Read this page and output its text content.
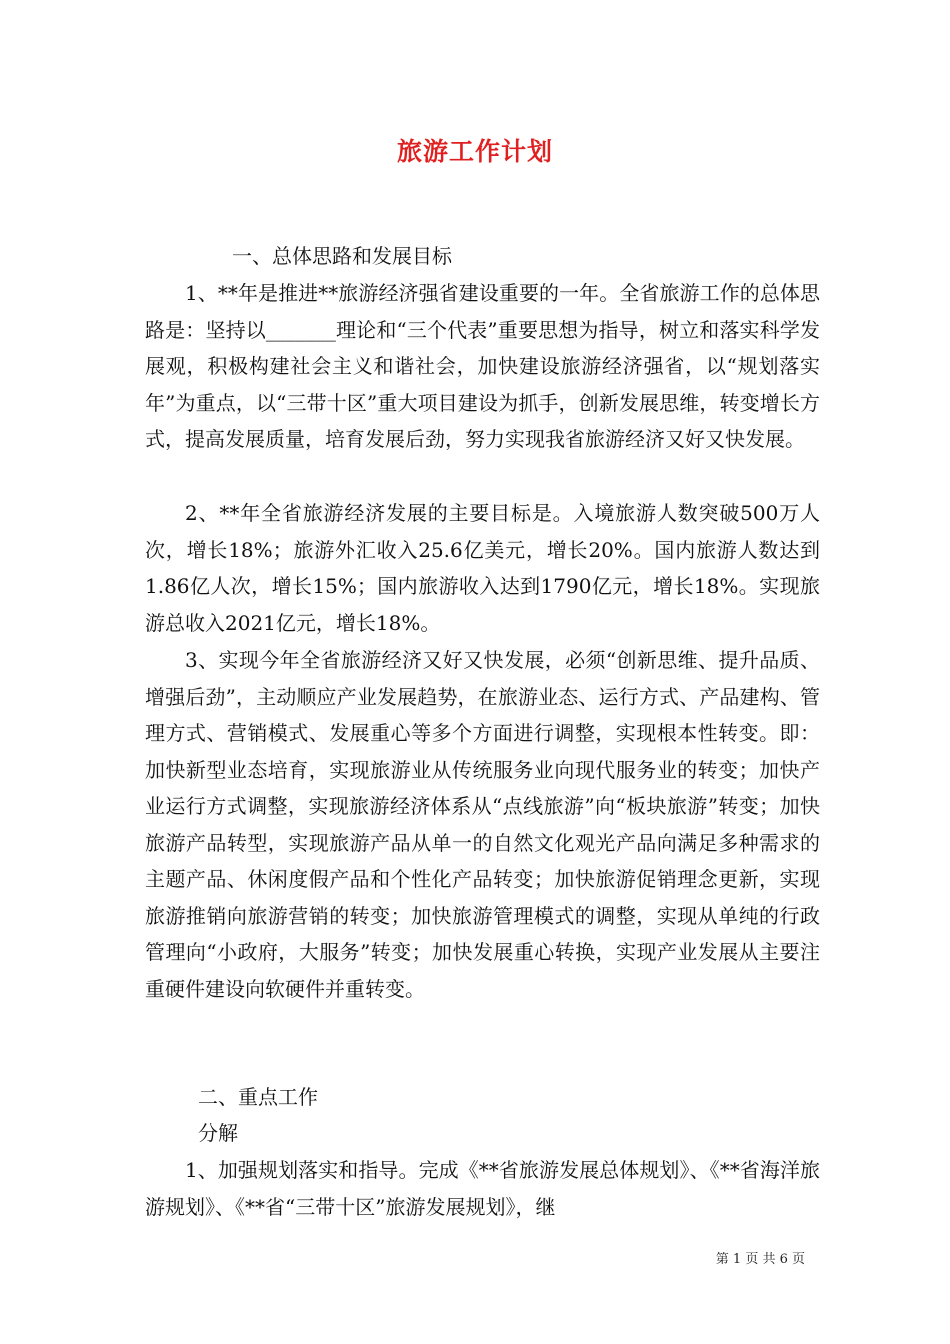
旅游工作计划
一、总体思路和发展目标
1、**年是推进**旅游经济强省建设重要的一年。全省旅游工作的总体思路是：坚持以_______理论和“三个代表”重要思想为指导，树立和落实科学发展观，积极构建社会主义和谐社会，加快建设旅游经济强省，以“规划落实年”为重点，以“三带十区”重大项目建设为抓手，创新发展思维，转变增长方式，提高发展质量，培育发展后劲，努力实现我省旅游经济又好又快发展。
2、**年全省旅游经济发展的主要目标是。入境旅游人数突破500万人次，增长18%；旅游外汇收入25.6亿美元，增长20%。国内旅游人数达到1.86亿人次，增长15%；国内旅游收入达到1790亿元，增长18%。实现旅游总收入2021亿元，增长18%。
3、实现今年全省旅游经济又好又快发展，必须“创新思维、提升品质、增强后劲”，主动顺应产业发展趋势，在旅游业态、运行方式、产品建构、管理方式、营销模式、发展重心等多个方面进行调整，实现根本性转变。即：加快新型业态培育，实现旅游业从传统服务业向现代服务业的转变；加快产业运行方式调整，实现旅游经济体系从“点线旅游”向“板块旅游”转变；加快旅游产品转型，实现旅游产品从单一的自然文化观光产品向满足多种需求的主题产品、休闲度假产品和个性化产品转变；加快旅游促销理念更新，实现旅游推销向旅游营销的转变；加快旅游管理模式的调整，实现从单纯的行政管理向“小政府，大服务”转变；加快发展重心转换，实现产业发展从主要注重硬件建设向软硬件并重转变。
二、重点工作
分解
1、加强规划落实和指导。完成《**省旅游发展总体规划》、《**省海洋旅游规划》、《**省“三带十区”旅游发展规划》，继
第 1 页 共 6 页
